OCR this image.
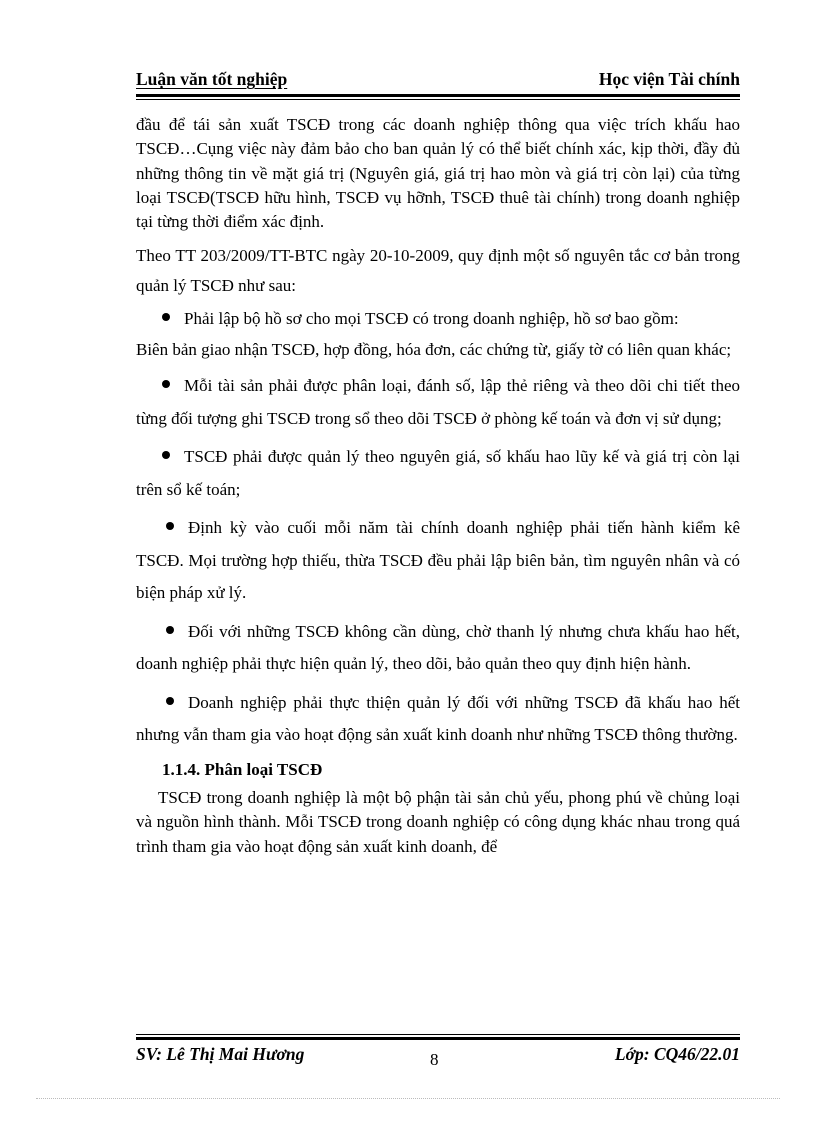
Luận văn tốt nghiệp	Học viện Tài chính

đầu để tái sản xuất TSCĐ trong các doanh nghiệp thông qua việc trích khấu hao TSCĐ…Cụng việc này đảm bảo cho ban quản lý có thể biết chính xác, kịp thời, đầy đủ những thông tin về mặt giá trị (Nguyên giá, giá trị hao mòn và giá trị còn lại) của từng loại TSCĐ(TSCĐ hữu hình, TSCĐ vụ hỡnh, TSCĐ thuê tài chính) trong doanh nghiệp tại từng thời điểm xác định.

Theo TT 203/2009/TT-BTC ngày 20-10-2009, quy định một số nguyên tắc cơ bản trong quản lý TSCĐ như sau:

Phải lập bộ hồ sơ cho mọi TSCĐ có trong doanh nghiệp, hồ sơ bao gồm:

Biên bản giao nhận TSCĐ, hợp đồng, hóa đơn, các chứng từ, giấy tờ có liên quan khác;

Mỗi tài sản phải được phân loại, đánh số, lập thẻ riêng và theo dõi chi tiết theo từng đối tượng ghi TSCĐ trong sổ theo dõi TSCĐ ở phòng kế toán và đơn vị sử dụng;

TSCĐ phải được quản lý theo nguyên giá, số khấu hao lũy kế và giá trị còn lại trên sổ kế toán;

Định kỳ vào cuối mỗi năm tài chính doanh nghiệp phải tiến hành kiểm kê TSCĐ. Mọi trường hợp thiếu, thừa TSCĐ đều phải lập biên bản, tìm nguyên nhân và có biện pháp xử lý.

Đối với những TSCĐ không cần dùng, chờ thanh lý nhưng chưa khấu hao hết, doanh nghiệp phải thực hiện quản lý, theo dõi, bảo quản theo quy định hiện hành.

Doanh nghiệp phải thực thiện quản lý đối với những TSCĐ đã khấu hao hết nhưng vẫn tham gia vào hoạt động sản xuất kinh doanh như những TSCĐ thông thường.

1.1.4. Phân loại TSCĐ

TSCĐ trong doanh nghiệp là một bộ phận tài sản chủ yếu, phong phú về chủng loại và nguồn hình thành. Mỗi TSCĐ trong doanh nghiệp có công dụng khác nhau trong quá trình tham gia vào hoạt động sản xuất kinh doanh, để

SV: Lê Thị Mai Hương	8	Lớp: CQ46/22.01
